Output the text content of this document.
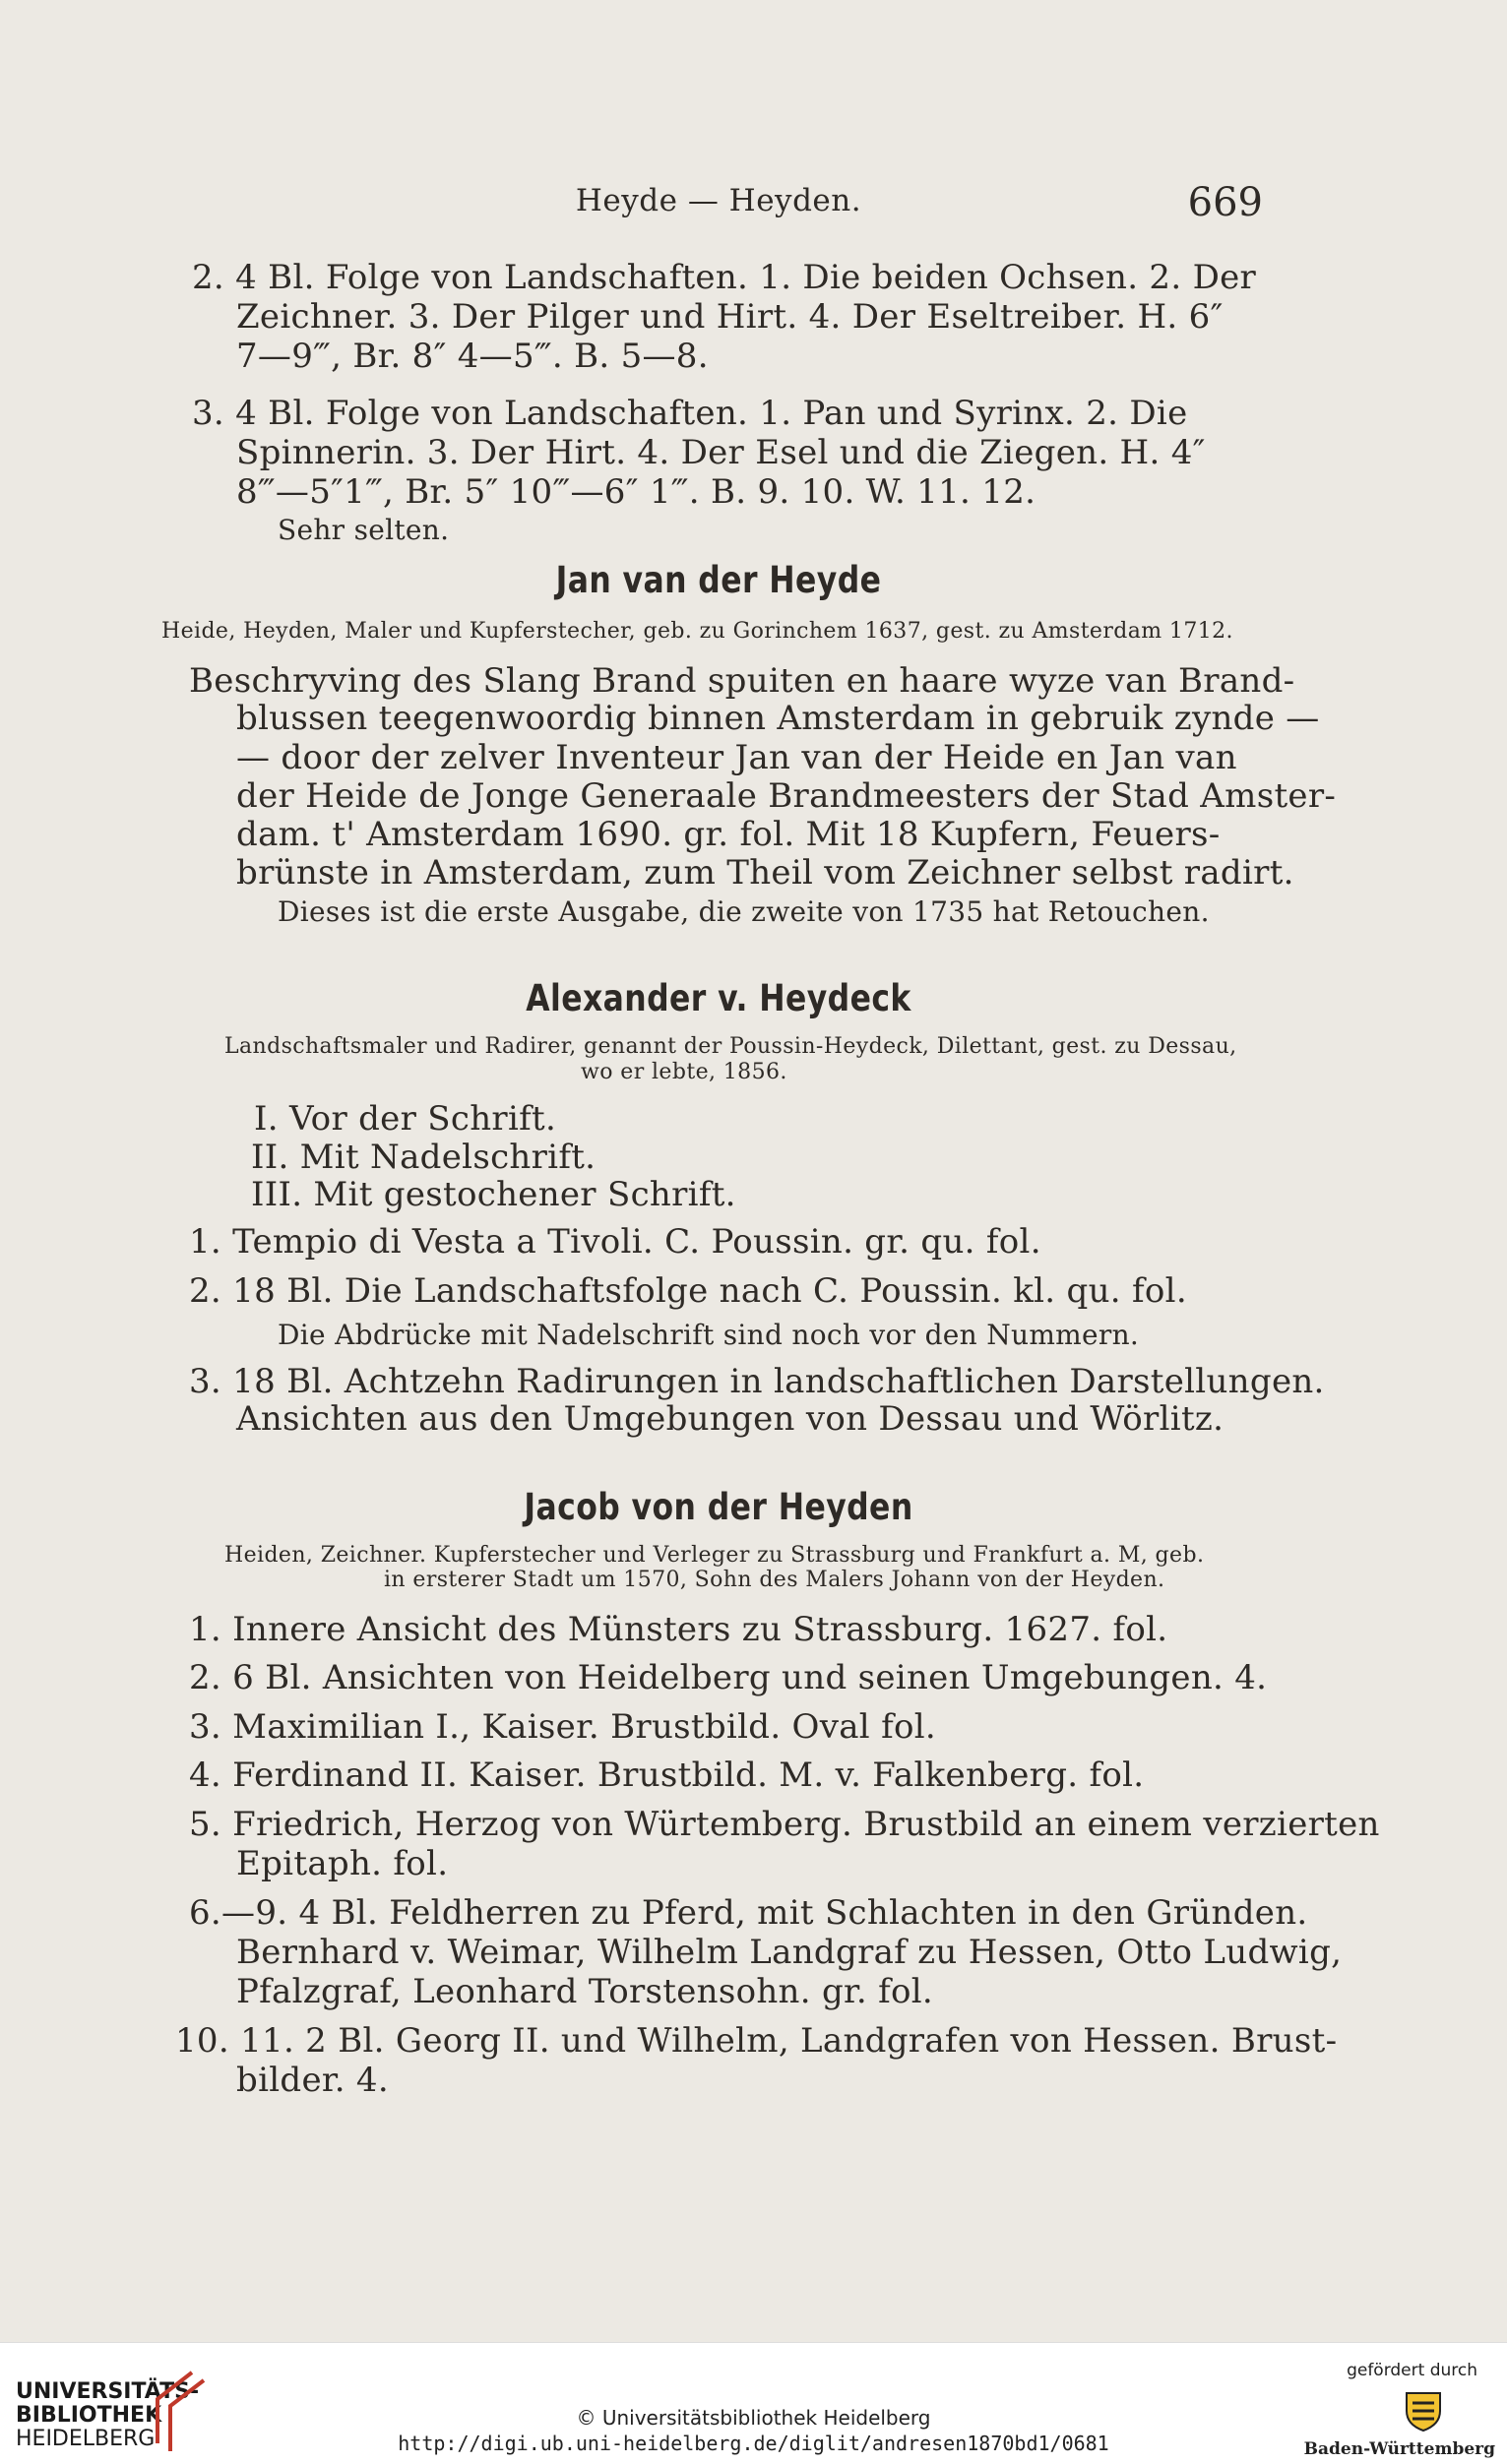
Heyde — Heyden.	669
2. 4 Bl. Folge von Landschaften. 1. Die beiden Ochsen. 2. Der
Zeichner. 3. Der Pilger und Hirt. 4. Der Eseltreiber. H. 6″
7—9‴, Br. 8″ 4—5‴. B. 5—8.
3. 4 Bl. Folge von Landschaften. 1. Pan und Syrinx. 2. Die
Spinnerin. 3. Der Hirt. 4. Der Esel und die Ziegen. H. 4″
8‴—5″1‴, Br. 5″ 10‴—6″ 1‴. B. 9. 10. W. 11. 12.
Sehr selten.
Jan van der Heyde
Heide, Heyden, Maler und Kupferstecher, geb. zu Gorinchem 1637, gest. zu Amsterdam 1712.
Beschryving des Slang Brand spuiten en haare wyze van Brand-
blussen teegenwoordig binnen Amsterdam in gebruik zynde —
— door der zelver Inventeur Jan van der Heide en Jan van
der Heide de Jonge Generaale Brandmeesters der Stad Amster-
dam. t' Amsterdam 1690. gr. fol. Mit 18 Kupfern, Feuers-
brünste in Amsterdam, zum Theil vom Zeichner selbst radirt.
Dieses ist die erste Ausgabe, die zweite von 1735 hat Retouchen.
Alexander v. Heydeck
Landschaftsmaler und Radirer, genannt der Poussin-Heydeck, Dilettant, gest. zu Dessau,
wo er lebte, 1856.
I. Vor der Schrift.
II. Mit Nadelschrift.
III. Mit gestochener Schrift.
1. Tempio di Vesta a Tivoli. C. Poussin. gr. qu. fol.
2. 18 Bl. Die Landschaftsfolge nach C. Poussin. kl. qu. fol.
Die Abdrücke mit Nadelschrift sind noch vor den Nummern.
3. 18 Bl. Achtzehn Radirungen in landschaftlichen Darstellungen.
Ansichten aus den Umgebungen von Dessau und Wörlitz.
Jacob von der Heyden
Heiden, Zeichner. Kupferstecher und Verleger zu Strassburg und Frankfurt a. M, geb.
in ersterer Stadt um 1570, Sohn des Malers Johann von der Heyden.
1. Innere Ansicht des Münsters zu Strassburg. 1627. fol.
2. 6 Bl. Ansichten von Heidelberg und seinen Umgebungen. 4.
3. Maximilian I., Kaiser. Brustbild. Oval fol.
4. Ferdinand II. Kaiser. Brustbild. M. v. Falkenberg. fol.
5. Friedrich, Herzog von Würtemberg. Brustbild an einem verzierten
Epitaph. fol.
6.—9. 4 Bl. Feldherren zu Pferd, mit Schlachten in den Gründen.
Bernhard v. Weimar, Wilhelm Landgraf zu Hessen, Otto Ludwig,
Pfalzgraf, Leonhard Torstensohn. gr. fol.
10. 11. 2 Bl. Georg II. und Wilhelm, Landgrafen von Hessen. Brust-
bilder. 4.
UNIVERSITÄTS-
BIBLIOTHEK
HEIDELBERG
© Universitätsbibliothek Heidelberg
http://digi.ub.uni-heidelberg.de/diglit/andresen1870bd1/0681
gefördert durch
Baden-Württemberg
